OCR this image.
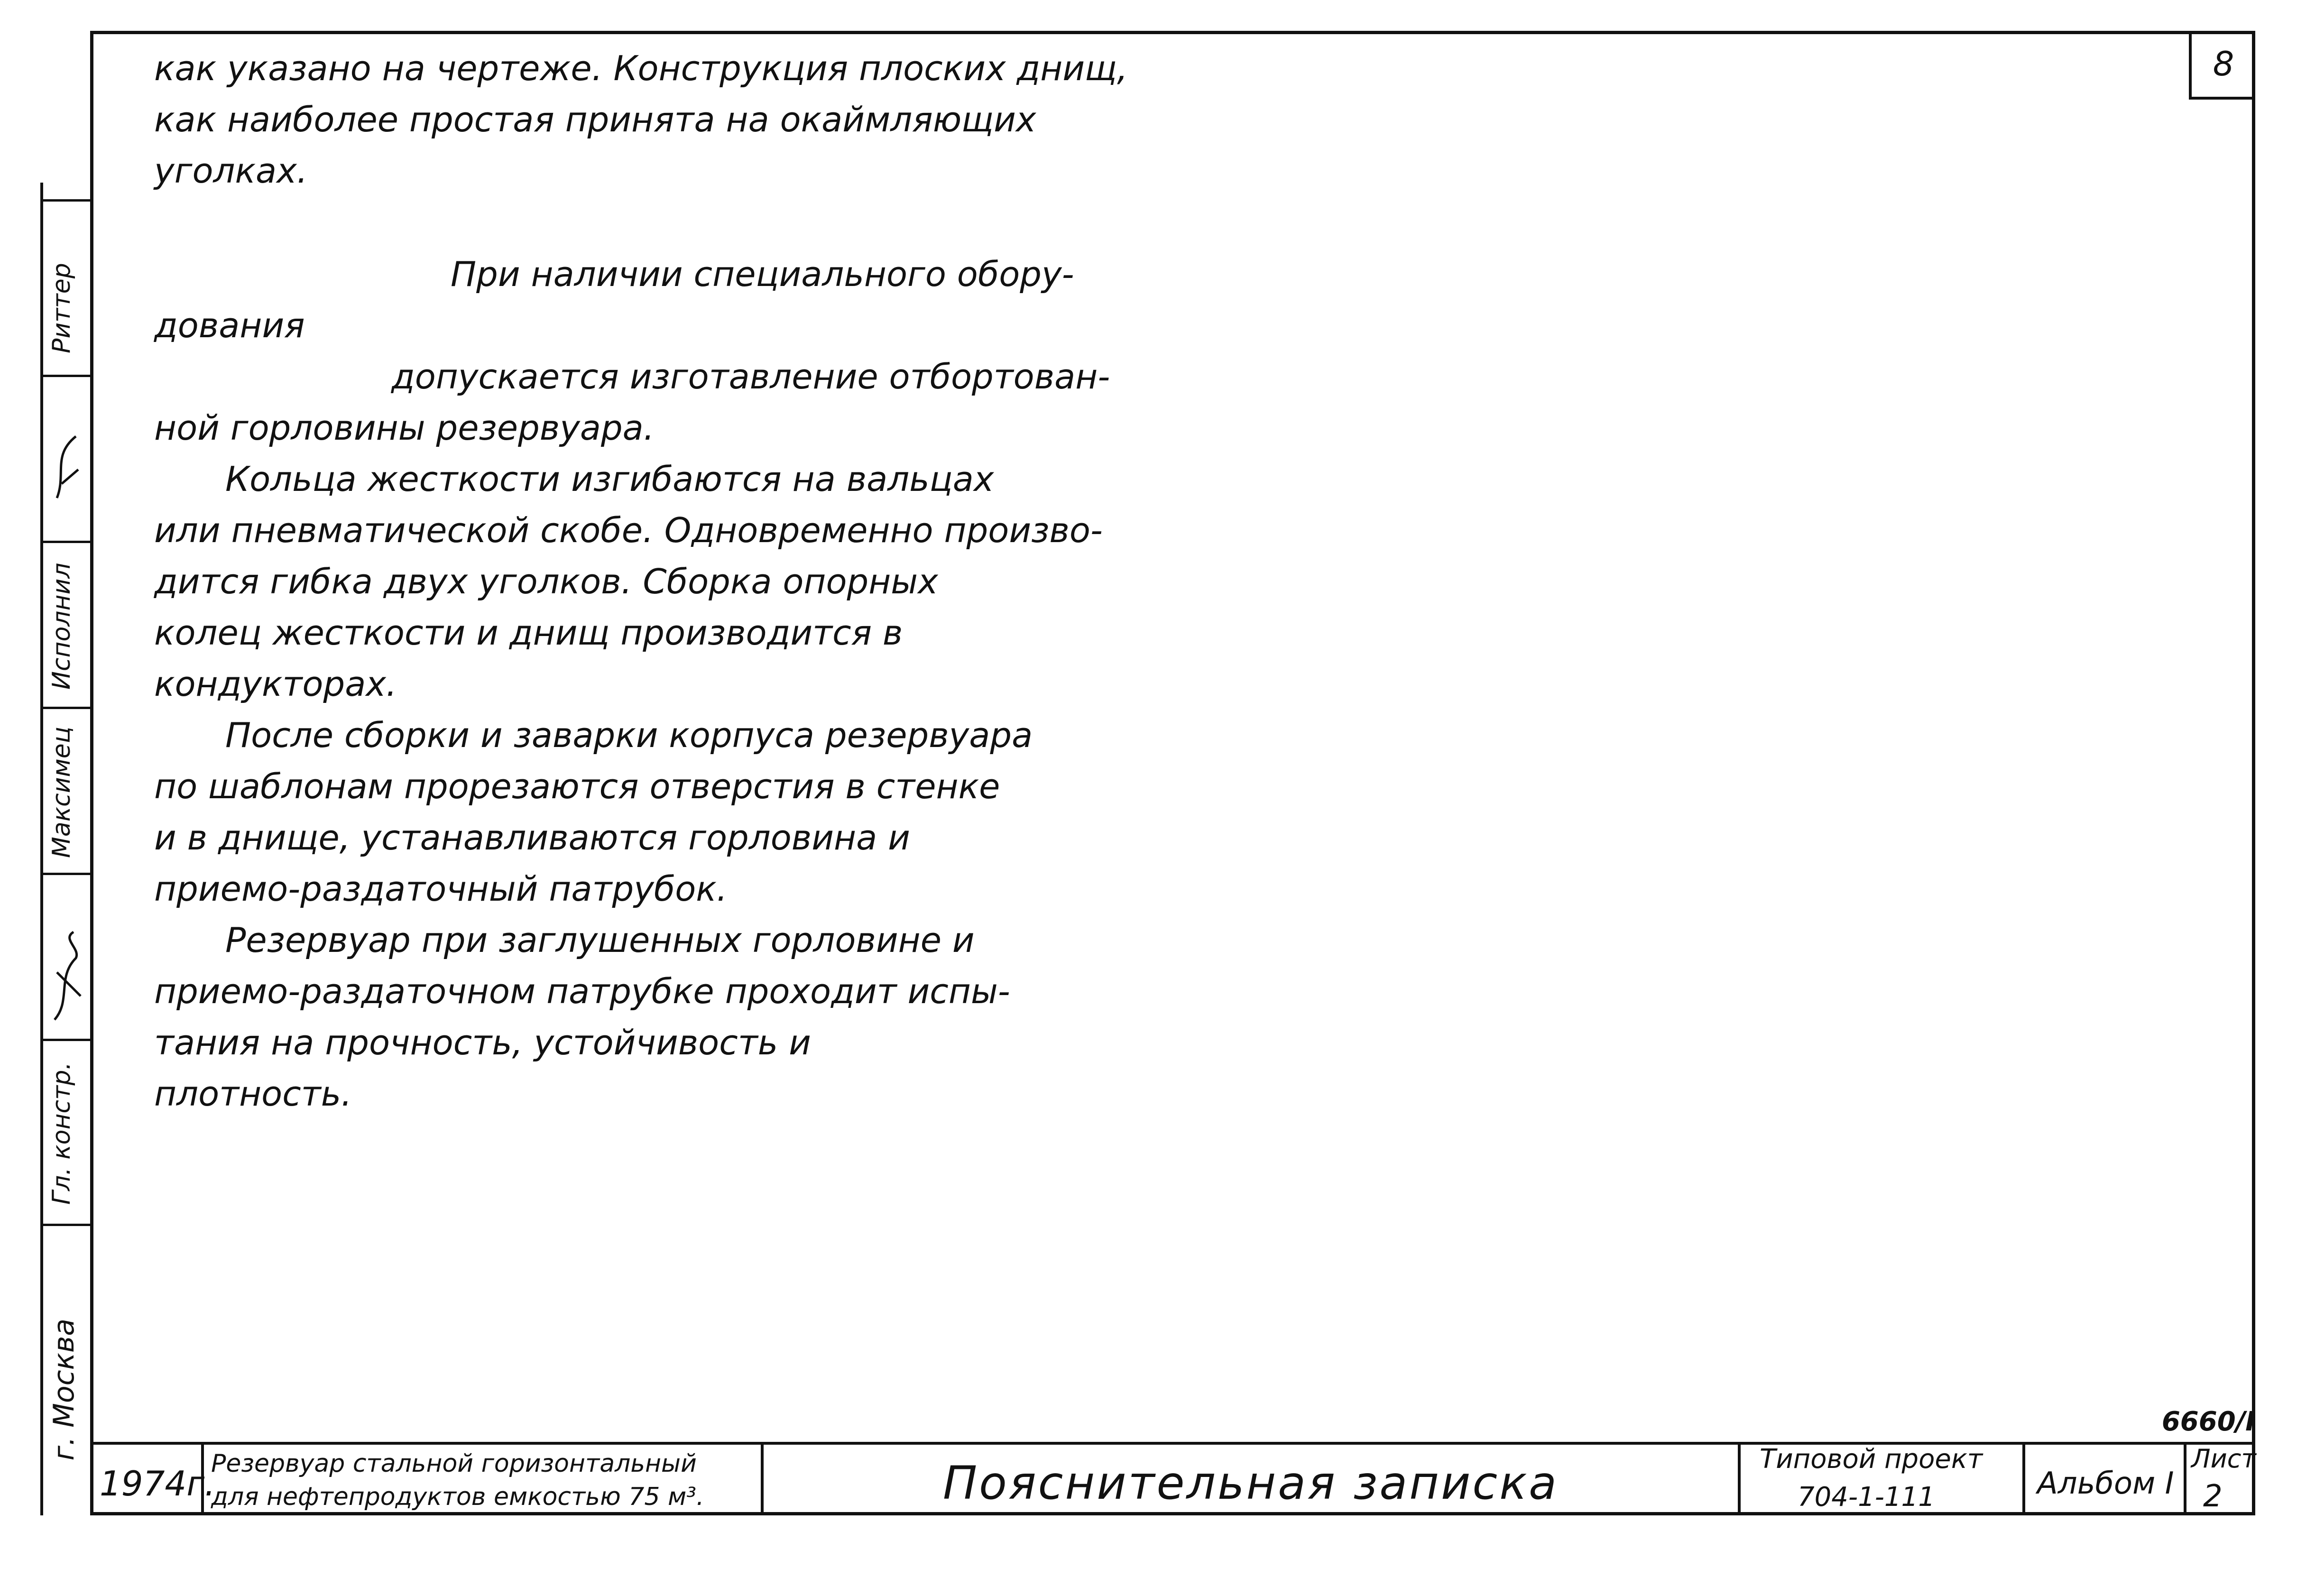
Риттер
Исполнил
Максимец
Гл. констр.
г. Москва
8
как указано на чертеже. Конструкция плоских днищ,
как наиболее простая принята на окаймляющих
уголках.
При наличии специального обору-
дования
допускается изготавление отбортован-
ной горловины резервуара.
Кольца жесткости изгибаются на вальцах
или пневматической скобе. Одновременно произво-
дится гибка двух уголков. Сборка опорных
колец жесткости и днищ производится в
кондукторах.
После сборки и заварки корпуса резервуара
по шаблонам прорезаются отверстия в стенке
и в днище, устанавливаются горловина и
приемо-раздаточный патрубок.
Резервуар при заглушенных горловине и
приемо-раздаточном патрубке проходит испы-
тания на прочность, устойчивость и
плотность.
6660/I
1974г.
Резервуар стальной горизонтальный
для нефтепродуктов емкостью 75 м³.	Пояснительная записка	Типовой проект
704-1-111	Альбом I
Лист
2
